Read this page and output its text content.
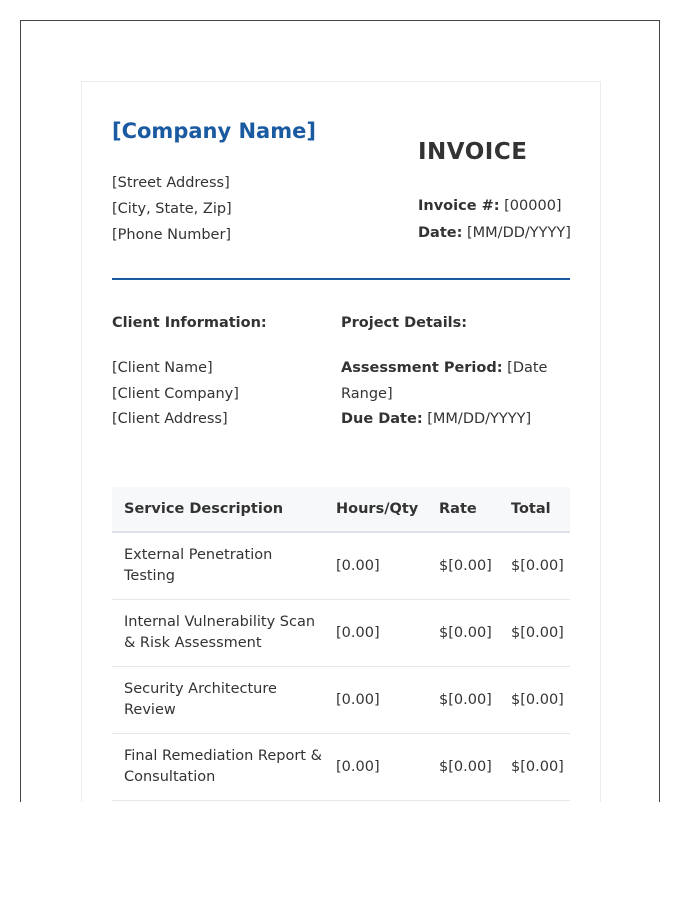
[Company Name]
[Street Address]
[City, State, Zip]
[Phone Number]
INVOICE
Invoice #: [00000]
Date: [MM/DD/YYYY]
Client Information:	Project Details:
[Client Name]
[Client Company]
[Client Address]
Assessment Period: [Date Range]
Due Date: [MM/DD/YYYY]
Service Description	Hours/Qty	Rate	Total
External Penetration Testing	[0.00]	$[0.00]	$[0.00]
Internal Vulnerability Scan & Risk Assessment	[0.00]	$[0.00]	$[0.00]
Security Architecture Review	[0.00]	$[0.00]	$[0.00]
Final Remediation Report & Consultation	[0.00]	$[0.00]	$[0.00]
